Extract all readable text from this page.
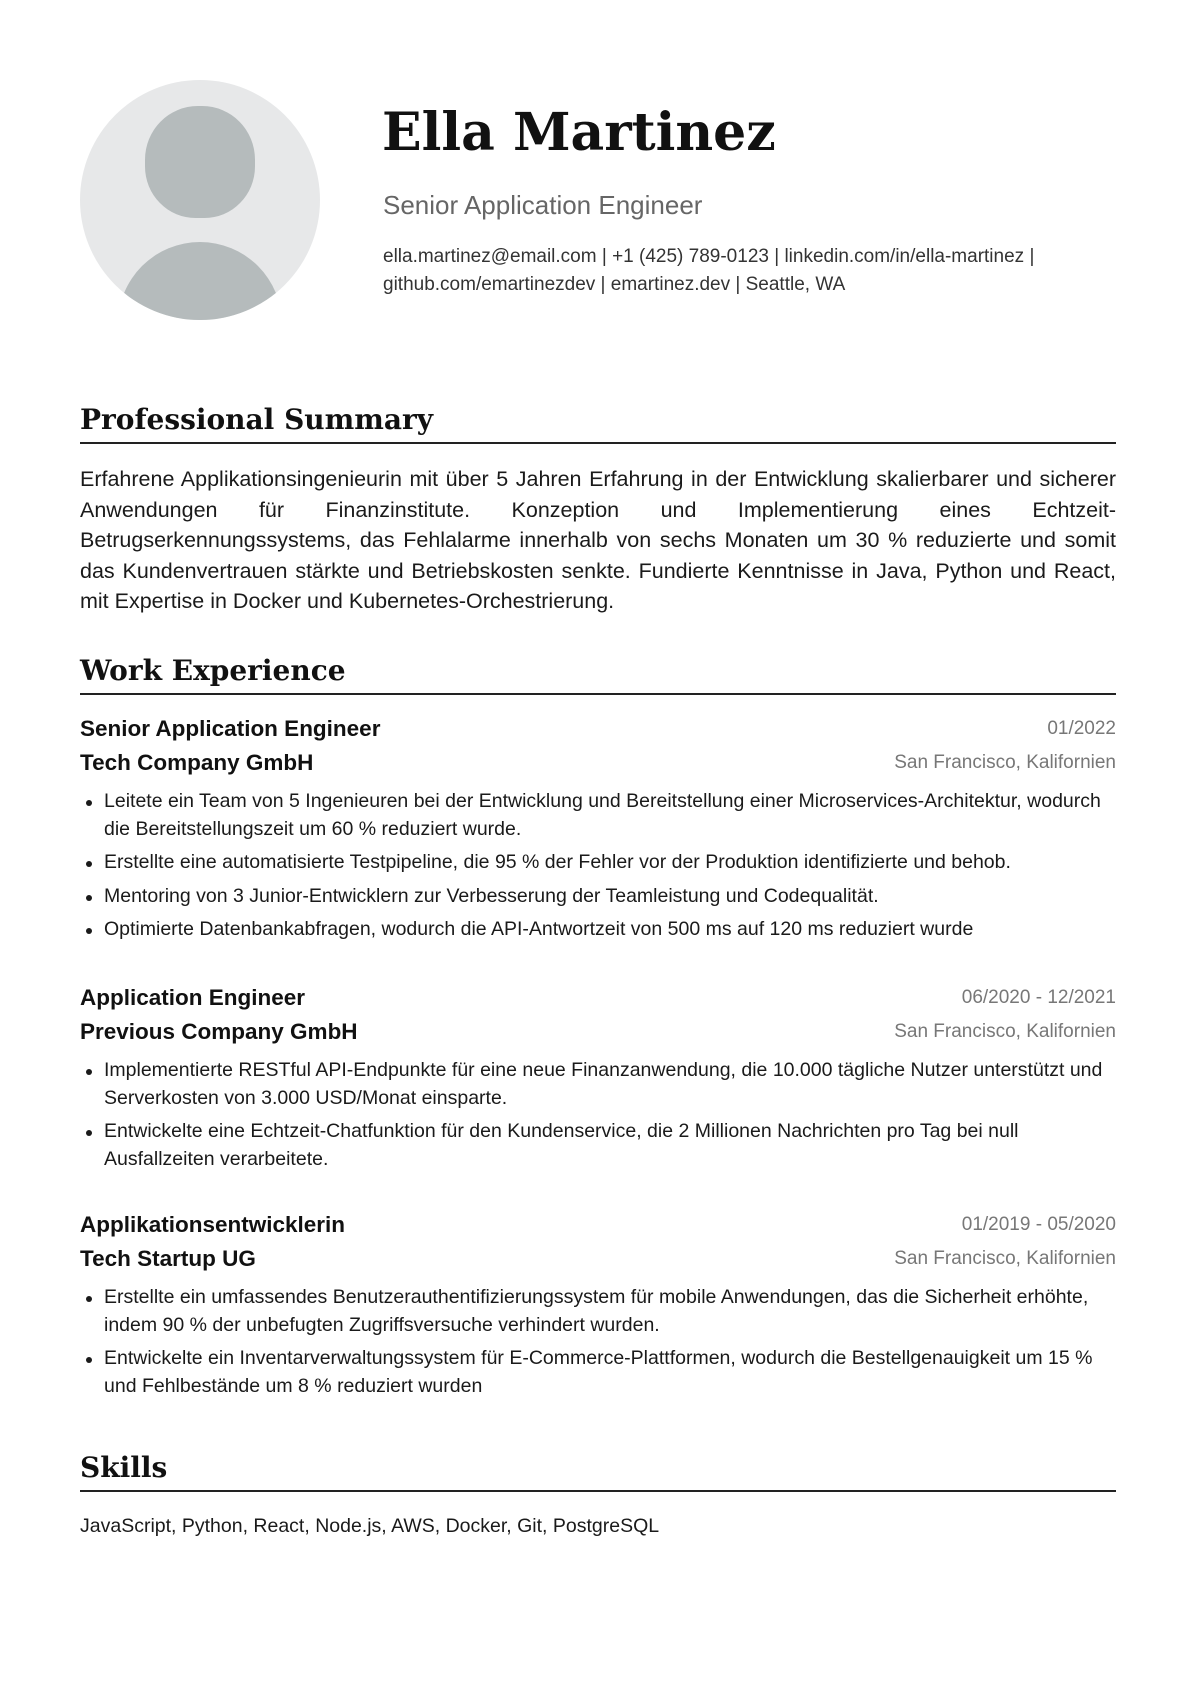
Ella Martinez
Senior Application Engineer
ella.martinez@email.com | +1 (425) 789-0123 | linkedin.com/in/ella-martinez | github.com/emartinezdev | emartinez.dev | Seattle, WA
Professional Summary
Erfahrene Applikationsingenieurin mit über 5 Jahren Erfahrung in der Entwicklung skalierbarer und sicherer Anwendungen für Finanzinstitute. Konzeption und Implementierung eines Echtzeit-Betrugserkennungssystems, das Fehlalarme innerhalb von sechs Monaten um 30 % reduzierte und somit das Kundenvertrauen stärkte und Betriebskosten senkte. Fundierte Kenntnisse in Java, Python und React, mit Expertise in Docker und Kubernetes-Orchestrierung.
Work Experience
Senior Application Engineer	01/2022
Tech Company GmbH	San Francisco, Kalifornien
Leitete ein Team von 5 Ingenieuren bei der Entwicklung und Bereitstellung einer Microservices-Architektur, wodurch die Bereitstellungszeit um 60 % reduziert wurde.
Erstellte eine automatisierte Testpipeline, die 95 % der Fehler vor der Produktion identifizierte und behob.
Mentoring von 3 Junior-Entwicklern zur Verbesserung der Teamleistung und Codequalität.
Optimierte Datenbankabfragen, wodurch die API-Antwortzeit von 500 ms auf 120 ms reduziert wurde
Application Engineer	06/2020 - 12/2021
Previous Company GmbH	San Francisco, Kalifornien
Implementierte RESTful API-Endpunkte für eine neue Finanzanwendung, die 10.000 tägliche Nutzer unterstützt und Serverkosten von 3.000 USD/Monat einsparte.
Entwickelte eine Echtzeit-Chatfunktion für den Kundenservice, die 2 Millionen Nachrichten pro Tag bei null Ausfallzeiten verarbeitete.
Applikationsentwicklerin	01/2019 - 05/2020
Tech Startup UG	San Francisco, Kalifornien
Erstellte ein umfassendes Benutzerauthentifizierungssystem für mobile Anwendungen, das die Sicherheit erhöhte, indem 90 % der unbefugten Zugriffsversuche verhindert wurden.
Entwickelte ein Inventarverwaltungssystem für E-Commerce-Plattformen, wodurch die Bestellgenauigkeit um 15 % und Fehlbestände um 8 % reduziert wurden
Skills
JavaScript, Python, React, Node.js, AWS, Docker, Git, PostgreSQL
